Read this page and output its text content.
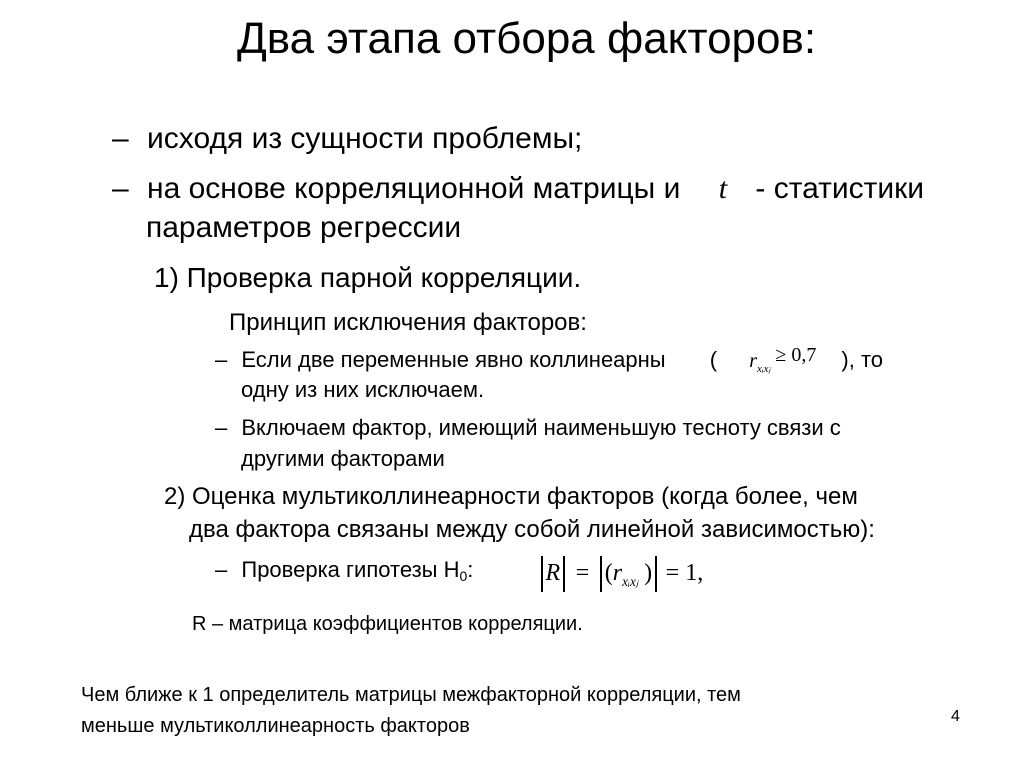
Два этапа отбора факторов:
– исходя из сущности проблемы;
– на основе корреляционной матрицы и t - статистики
параметров регрессии
1) Проверка парной корреляции.
Принцип исключения факторов:
– Если две переменные явно коллинеарны ( $r_{xᵢxⱼ} \ge 0,7$ ), то
одну из них исключаем.
– Включаем фактор, имеющий наименьшую тесноту связи с
другими факторами
2) Оценка мультиколлинеарности факторов (когда более, чем
два фактора связаны между собой линейной зависимостью):
– Проверка гипотезы Н0:	$R = (r_{xᵢxⱼ}$ ) = 1,
R – матрица коэффициентов корреляции.
Чем ближе к 1 определитель матрицы межфакторной корреляции, тем
меньше мультиколлинеарность факторов	4
